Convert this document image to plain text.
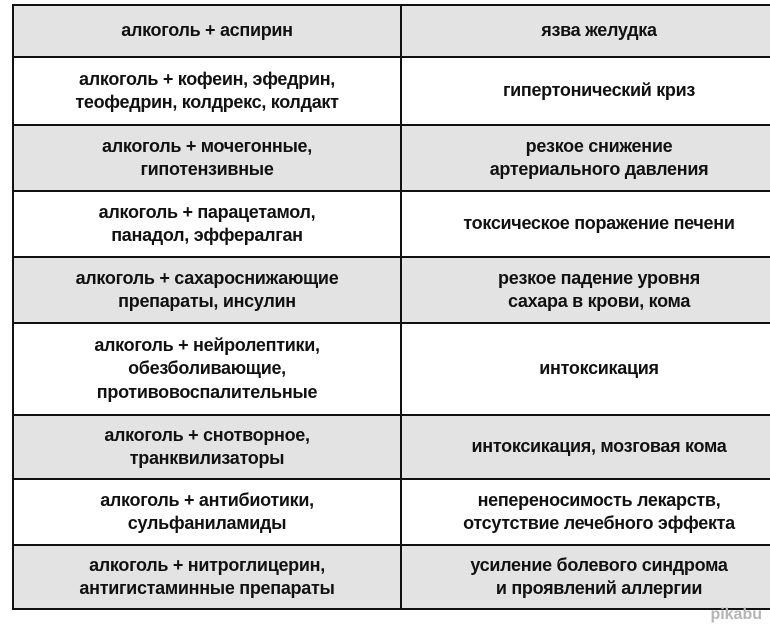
алкоголь + аспирин	язва желудка

алкоголь + кофеин, эфедрин,
теофедрин, колдрекс, колдакт	гипертонический криз

алкоголь + мочегонные,
гипотензивные	резкое снижение
артериального давления

алкоголь + парацетамол,
панадол, эффералган	токсическое поражение печени

алкоголь + сахароснижающие
препараты, инсулин	резкое падение уровня
сахара в крови, кома

алкоголь + нейролептики,
обезболивающие,
противовоспалительные	интоксикация

алкоголь + снотворное,
транквилизаторы	интоксикация, мозговая кома

алкоголь + антибиотики,
сульфаниламиды	непереносимость лекарств,
отсутствие лечебного эффекта

алкоголь + нитроглицерин,
антигистаминные препараты	усиление болевого синдрома
и проявлений аллергии
pikabu
